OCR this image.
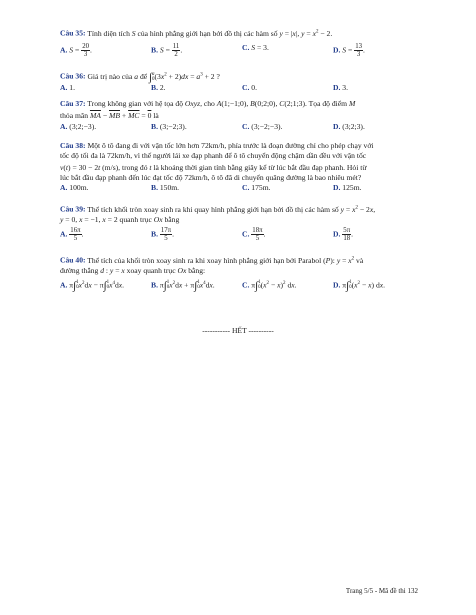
Câu 35: Tính diện tích S của hình phẳng giới hạn bởi đồ thị các hàm số y = |x|, $y = x^2 - 2$.
A. $S = \frac{20}{3}$ .	B. $S = \frac{11}{2}$ .	C. S = 3.	D. $S = \frac{13}{3}$ .
Câu 36: Giá trị nào của a để ∫ a
0 $(3x^2 + 2)dx = a^3 + 2$ ?
A. 1.	B. 2.	C. 0.	D. 3.
Câu 37: Trong không gian với hệ tọa độ Oxyz, cho A(1;−1;0), B(0;2;0), C(2;1;3). Tọa độ điểm M
thỏa mãn $\overline{MA} - \overline{MB} + \overline{MC} = 0$ là
A. (3;2;−3).	B. (3;−2;3).	C. (3;−2;−3).	D. (3;2;3).
Câu 38: Một ô tô đang đi với vận tốc lớn hơn 72km/h, phía trước là đoạn đường chỉ cho phép chạy với
tốc độ tối đa là 72km/h, vì thế người lái xe đạp phanh để ô tô chuyển động chậm dần đều với vận tốc
v(t) = 30 − 2t (m/s), trong đó t là khoảng thời gian tính bằng giây kể từ lúc bắt đầu đạp phanh. Hỏi từ
lúc bắt đầu đạp phanh đến lúc đạt tốc độ 72km/h, ô tô đã di chuyển quãng đường là bao nhiêu mét?
A. 100m.	B. 150m.	C. 175m.	D. 125m.
Câu 39: Thể tích khối tròn xoay sinh ra khi quay hình phẳng giới hạn bởi đồ thị các hàm số $y = x^2 - 2x$,
y = 0, x = −1, x = 2 quanh trục Ox bằng
A. $\frac{16\pi}{5}$ .	B. $\frac{17\pi}{5}$ .	C. $\frac{18\pi}{5}$ .	D. $\frac{5\pi}{18}$ .
Câu 40: Thể tích của khối tròn xoay sinh ra khi xoay hình phẳng giới hạn bởi Parabol (P): $y = x^2$ và
đường thẳng d : y = x xoay quanh trục Ox bằng:
A. π∫ 1
0 $x^2dx - \pi\int$ 1
0 $x^4dx$.	B. π∫ 1
0 $x^2dx + \pi\int$ 1
0 $x^4dx$.	C. π∫ 1
0 $(x^2 - x)^2$ dx.	D. π∫ 1
0 $(x^2 - x)$ dx.
----------- HẾT ----------
Trang 5/5 - Mã đề thi 132
